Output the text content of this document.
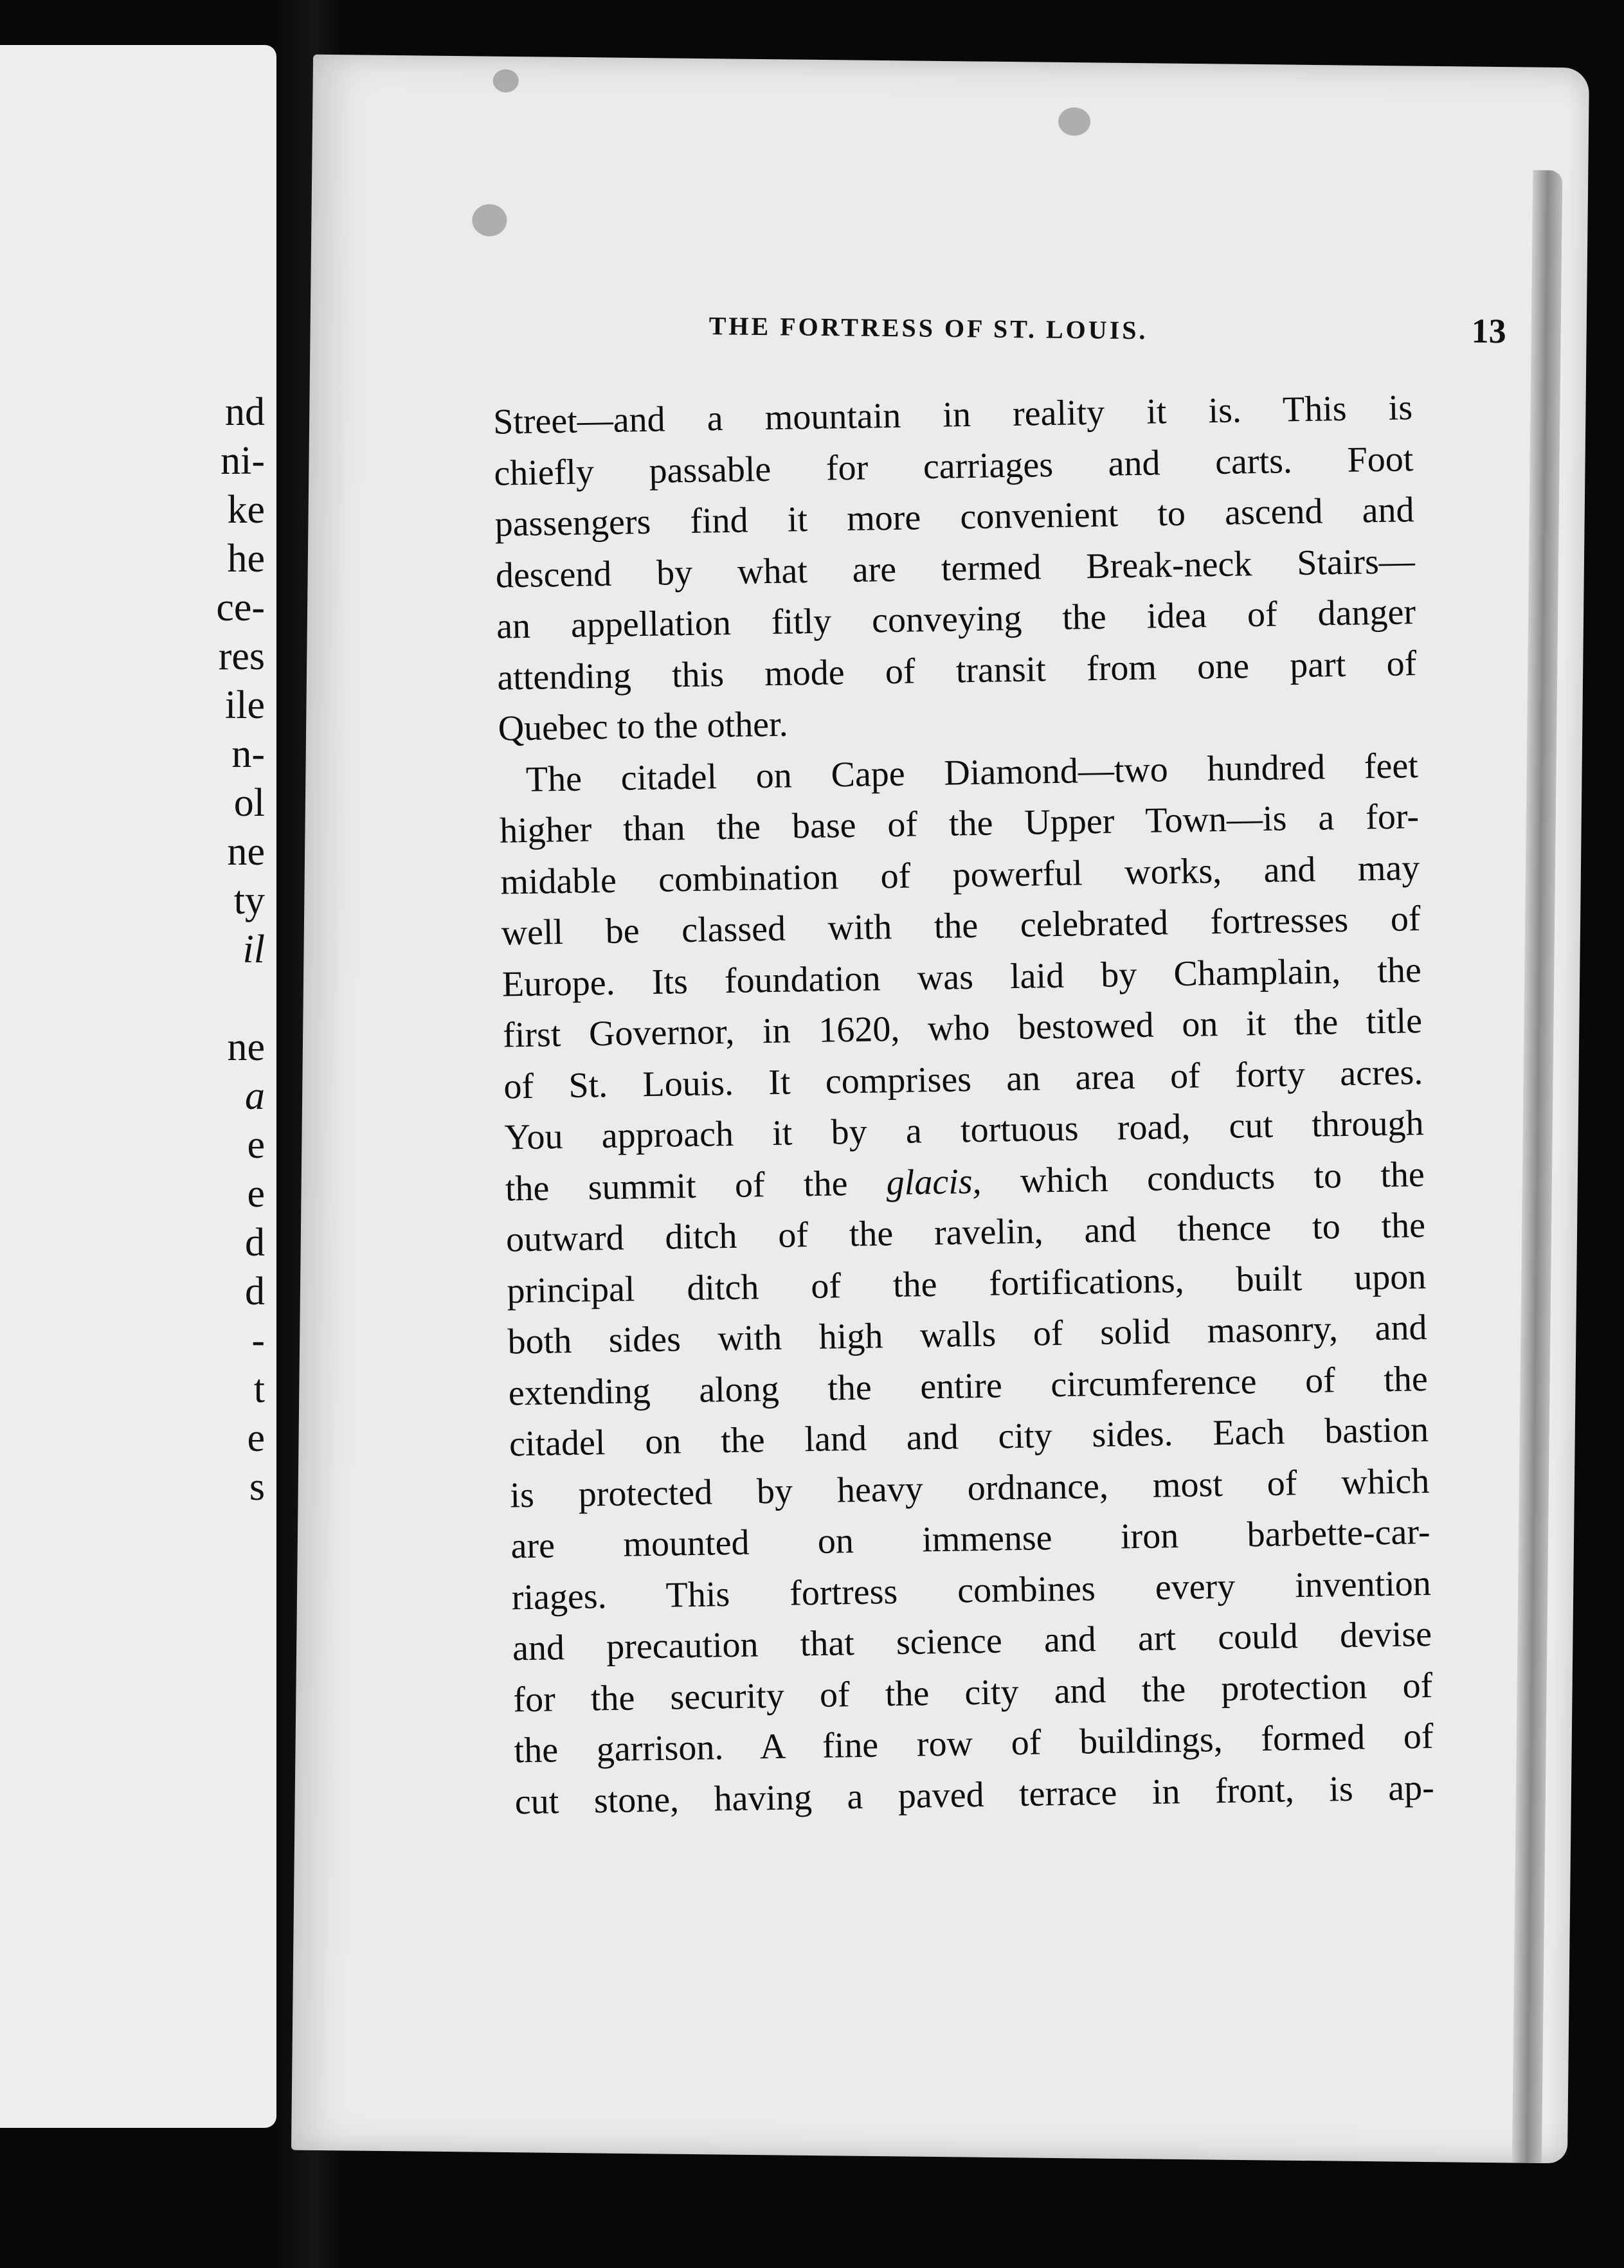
nd
ni-
ke
he
ce-
res
ile
n-
ol
ne
ty
il
ne
a
e
e
d
d
-
t
e
s
THE FORTRESS OF ST. LOUIS.	13
Street—and a mountain in reality it is. This is
chiefly passable for carriages and carts. Foot
passengers find it more convenient to ascend and
descend by what are termed Break-neck Stairs—
an appellation fitly conveying the idea of danger
attending this mode of transit from one part of
Quebec to the other.
The citadel on Cape Diamond—two hundred feet
higher than the base of the Upper Town—is a for-
midable combination of powerful works, and may
well be classed with the celebrated fortresses of
Europe. Its foundation was laid by Champlain, the
first Governor, in 1620, who bestowed on it the title
of St. Louis. It comprises an area of forty acres.
You approach it by a tortuous road, cut through
the summit of the glacis, which conducts to the
outward ditch of the ravelin, and thence to the
principal ditch of the fortifications, built upon
both sides with high walls of solid masonry, and
extending along the entire circumference of the
citadel on the land and city sides. Each bastion
is protected by heavy ordnance, most of which
are mounted on immense iron barbette-car-
riages. This fortress combines every invention
and precaution that science and art could devise
for the security of the city and the protection of
the garrison. A fine row of buildings, formed of
cut stone, having a paved terrace in front, is ap-
